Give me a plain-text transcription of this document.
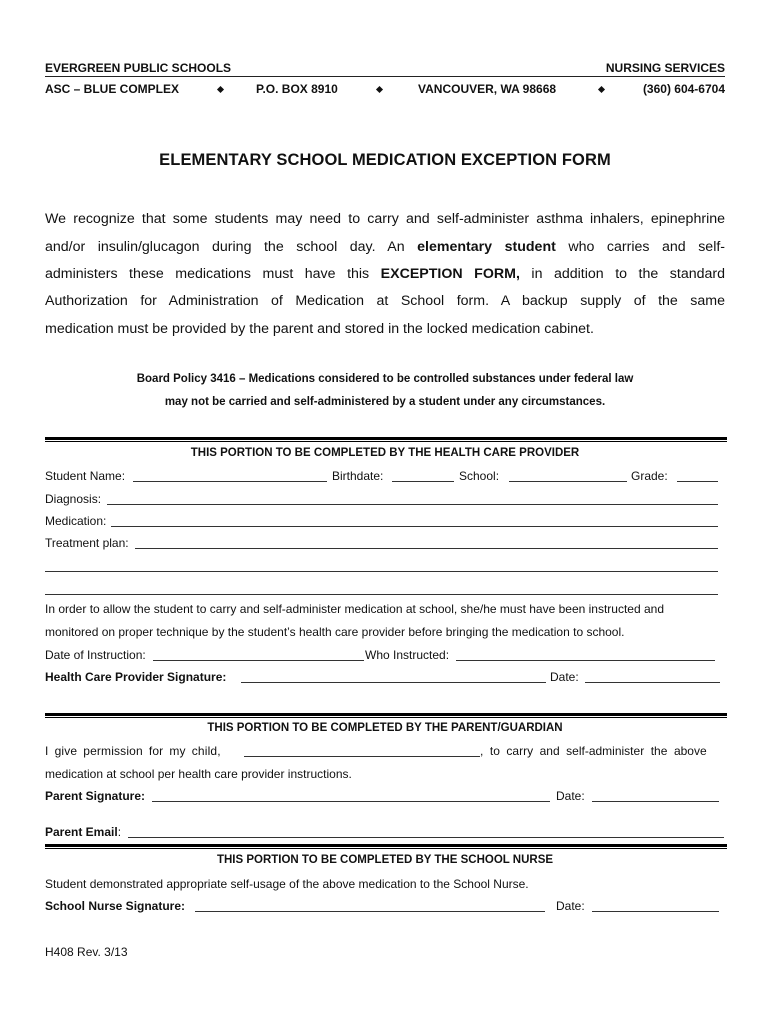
EVERGREEN PUBLIC SCHOOLS	NURSING SERVICES
ASC – BLUE COMPLEX	P.O. BOX 8910	VANCOUVER, WA 98668	(360) 604-6704
ELEMENTARY SCHOOL MEDICATION EXCEPTION FORM
We recognize that some students may need to carry and self-administer asthma inhalers, epinephrine
and/or insulin/glucagon during the school day. An elementary student who carries and self-
administers these medications must have this EXCEPTION FORM, in addition to the standard
Authorization for Administration of Medication at School form. A backup supply of the same
medication must be provided by the parent and stored in the locked medication cabinet.
Board Policy 3416 – Medications considered to be controlled substances under federal law
may not be carried and self-administered by a student under any circumstances.
THIS PORTION TO BE COMPLETED BY THE HEALTH CARE PROVIDER
Student Name:	Birthdate:	School:	Grade:
Diagnosis:
Medication:
Treatment plan:
In order to allow the student to carry and self-administer medication at school, she/he must have been instructed and
monitored on proper technique by the student’s health care provider before bringing the medication to school.
Date of Instruction:	Who Instructed:
Health Care Provider Signature:	Date:
THIS PORTION TO BE COMPLETED BY THE PARENT/GUARDIAN
I give permission for my child,	, to carry and self-administer the above
medication at school per health care provider instructions.
Parent Signature:	Date:
Parent Email:
THIS PORTION TO BE COMPLETED BY THE SCHOOL NURSE
Student demonstrated appropriate self-usage of the above medication to the School Nurse.
School Nurse Signature:	Date:
H408 Rev. 3/13
